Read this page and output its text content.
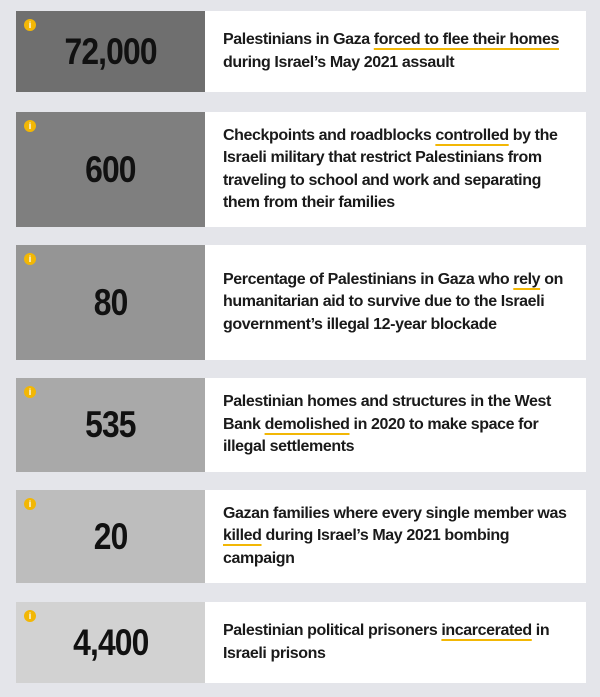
i
72,000	Palestinians in Gaza forced to flee their homes during Israel’s May 2021 assault

i
600

Checkpoints and roadblocks controlled by the Israeli military that restrict Palestinians from traveling to school and work and separating them from their families

i
80

Percentage of Palestinians in Gaza who rely on humanitarian aid to survive due to the Israeli government’s illegal 12-year blockade

i
535

Palestinian homes and structures in the West Bank demolished in 2020 to make space for illegal settlements

i
20

Gazan families where every single member was killed during Israel’s May 2021 bombing campaign

i
4,400	Palestinian political prisoners incarcerated in Israeli prisons
